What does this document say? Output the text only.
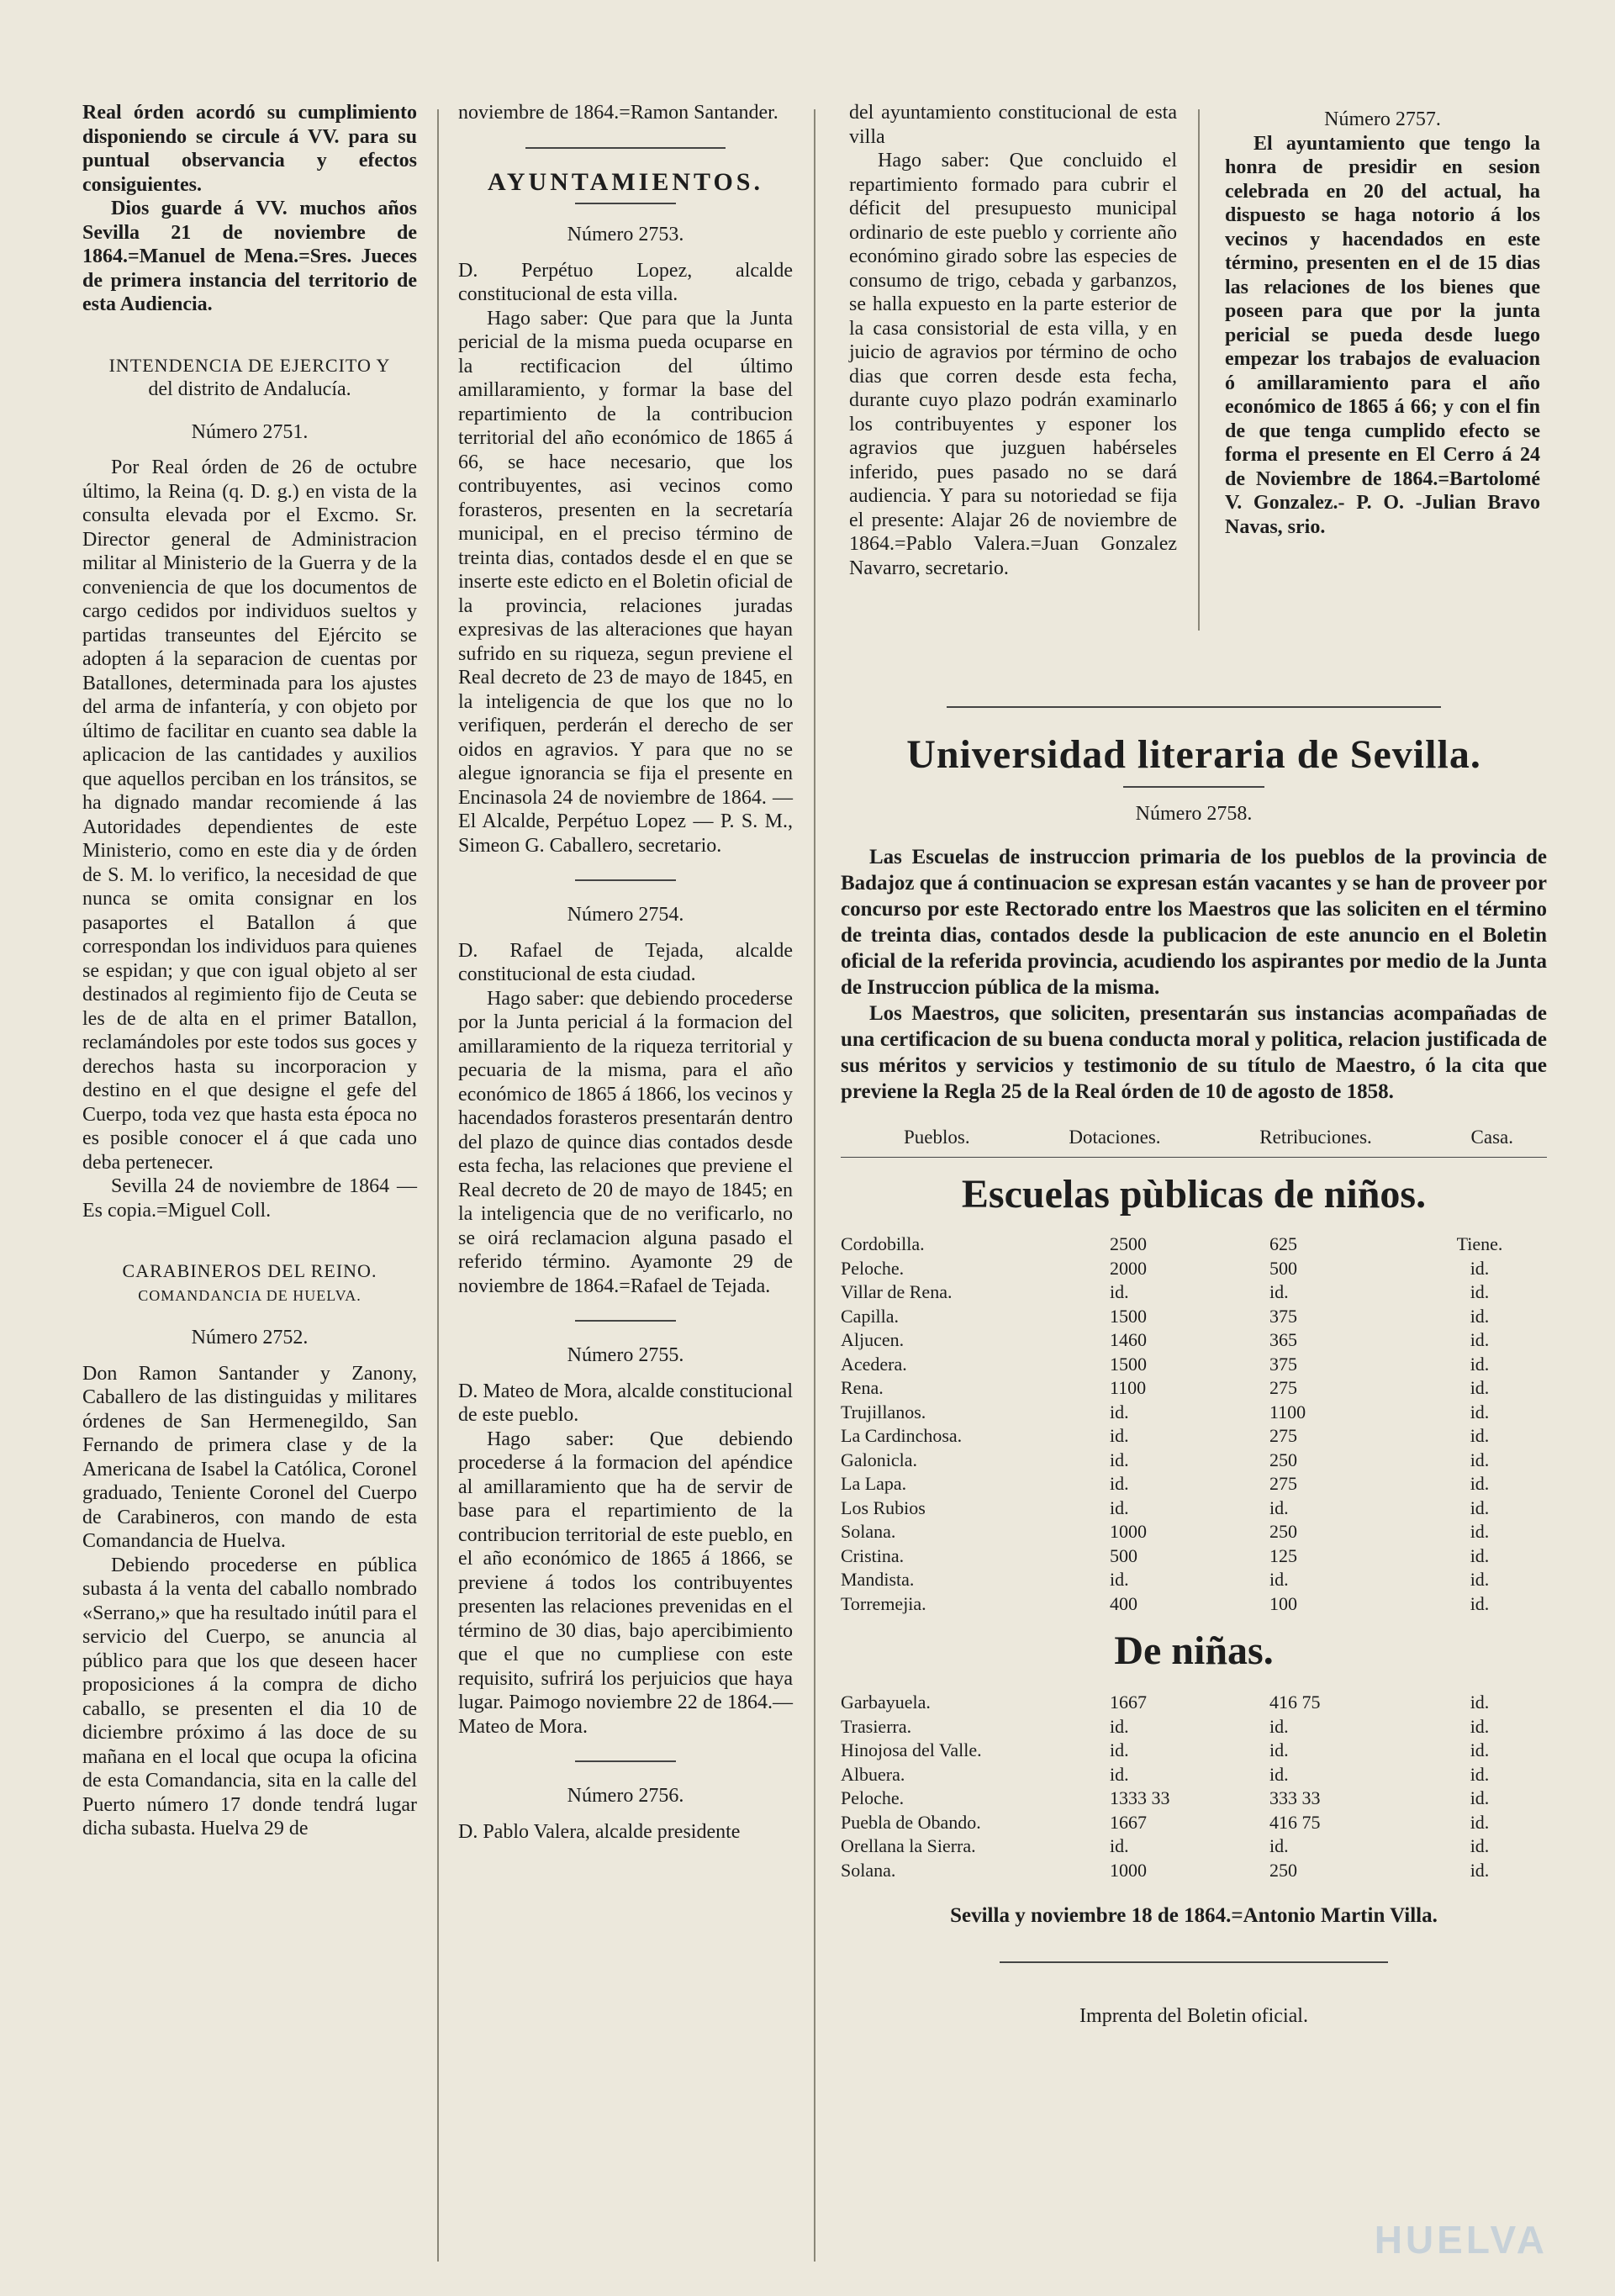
Real órden acordó su cumplimiento disponiendo se circule á VV. para su puntual observancia y efectos consiguientes.

Dios guarde á VV. muchos años Sevilla 21 de noviembre de 1864.=Manuel de Mena.=Sres. Jueces de primera instancia del territorio de esta Audiencia.

INTENDENCIA DE EJERCITO Y

del distrito de Andalucía.

Número 2751.

Por Real órden de 26 de octubre último, la Reina (q. D. g.) en vista de la consulta elevada por el Excmo. Sr. Director general de Administracion militar al Ministerio de la Guerra y de la conveniencia de que los documentos de cargo cedidos por individuos sueltos y partidas transeuntes del Ejército se adopten á la separacion de cuentas por Batallones, determinada para los ajustes del arma de infantería, y con objeto por último de facilitar en cuanto sea dable la aplicacion de las cantidades y auxilios que aquellos perciban en los tránsitos, se ha dignado mandar recomiende á las Autoridades dependientes de este Ministerio, como en este dia y de órden de S. M. lo verifico, la necesidad de que nunca se omita consignar en los pasaportes el Batallon á que correspondan los individuos para quienes se espidan; y que con igual objeto al ser destinados al regimiento fijo de Ceuta se les de de alta en el primer Batallon, reclamándoles por este todos sus goces y derechos hasta su incorporacion y destino en el que designe el gefe del Cuerpo, toda vez que hasta esta época no es posible conocer el á que cada uno deba pertenecer.

Sevilla 24 de noviembre de 1864 —Es copia.=Miguel Coll.

CARABINEROS DEL REINO.

COMANDANCIA DE HUELVA.

Número 2752.

Don Ramon Santander y Zanony, Caballero de las distinguidas y militares órdenes de San Hermenegildo, San Fernando de primera clase y de la Americana de Isabel la Católica, Coronel graduado, Teniente Coronel del Cuerpo de Carabineros, con mando de esta Comandancia de Huelva.

Debiendo procederse en pública subasta á la venta del caballo nombrado «Serrano,» que ha resultado inútil para el servicio del Cuerpo, se anuncia al público para que los que deseen hacer proposiciones á la compra de dicho caballo, se presenten el dia 10 de diciembre próximo á las doce de su mañana en el local que ocupa la oficina de esta Comandancia, sita en la calle del Puerto número 17 donde tendrá lugar dicha subasta. Huelva 29 de

noviembre de 1864.=Ramon Santander.

AYUNTAMIENTOS.

Número 2753.

D. Perpétuo Lopez, alcalde constitucional de esta villa.

Hago saber: Que para que la Junta pericial de la misma pueda ocuparse en la rectificacion del último amillaramiento, y formar la base del repartimiento de la contribucion territorial del año económico de 1865 á 66, se hace necesario, que los contribuyentes, asi vecinos como forasteros, presenten en la secretaría municipal, en el preciso término de treinta dias, contados desde el en que se inserte este edicto en el Boletin oficial de la provincia, relaciones juradas expresivas de las alteraciones que hayan sufrido en su riqueza, segun previene el Real decreto de 23 de mayo de 1845, en la inteligencia de que los que no lo verifiquen, perderán el derecho de ser oidos en agravios. Y para que no se alegue ignorancia se fija el presente en Encinasola 24 de noviembre de 1864. —El Alcalde, Perpétuo Lopez — P. S. M., Simeon G. Caballero, secretario.

Número 2754.

D. Rafael de Tejada, alcalde constitucional de esta ciudad.

Hago saber: que debiendo procederse por la Junta pericial á la formacion del amillaramiento de la riqueza territorial y pecuaria de la misma, para el año económico de 1865 á 1866, los vecinos y hacendados forasteros presentarán dentro del plazo de quince dias contados desde esta fecha, las relaciones que previene el Real decreto de 20 de mayo de 1845; en la inteligencia que de no verificarlo, no se oirá reclamacion alguna pasado el referido término. Ayamonte 29 de noviembre de 1864.=Rafael de Tejada.

Número 2755.

D. Mateo de Mora, alcalde constitucional de este pueblo.

Hago saber: Que debiendo procederse á la formacion del apéndice al amillaramiento que ha de servir de base para el repartimiento de la contribucion territorial de este pueblo, en el año económico de 1865 á 1866, se previene á todos los contribuyentes presenten las relaciones prevenidas en el término de 30 dias, bajo apercibimiento que el que no cumpliese con este requisito, sufrirá los perjuicios que haya lugar. Paimogo noviembre 22 de 1864.—Mateo de Mora.

Número 2756.

D. Pablo Valera, alcalde presidente

del ayuntamiento constitucional de esta villa

Hago saber: Que concluido el repartimiento formado para cubrir el déficit del presupuesto municipal ordinario de este pueblo y corriente año económino girado sobre las especies de consumo de trigo, cebada y garbanzos, se halla expuesto en la parte esterior de la casa consistorial de esta villa, y en juicio de agravios por término de ocho dias que corren desde esta fecha, durante cuyo plazo podrán examinarlo los contribuyentes y esponer los agravios que juzguen habérseles inferido, pues pasado no se dará audiencia. Y para su notoriedad se fija el presente: Alajar 26 de noviembre de 1864.=Pablo Valera.=Juan Gonzalez Navarro, secretario.

Número 2757.

El ayuntamiento que tengo la honra de presidir en sesion celebrada en 20 del actual, ha dispuesto se haga notorio á los vecinos y hacendados en este término, presenten en el de 15 dias las relaciones de los bienes que poseen para que por la junta pericial se pueda desde luego empezar los trabajos de evaluacion ó amillaramiento para el año económico de 1865 á 66; y con el fin de que tenga cumplido efecto se forma el presente en El Cerro á 24 de Noviembre de 1864.=Bartolomé V. Gonzalez.- P. O. -Julian Bravo Navas, srio.

Universidad literaria de Sevilla.

Número 2758.

Las Escuelas de instruccion primaria de los pueblos de la provincia de Badajoz que á continuacion se expresan están vacantes y se han de proveer por concurso por este Rectorado entre los Maestros que las soliciten en el término de treinta dias, contados desde la publicacion de este anuncio en el Boletin oficial de la referida provincia, acudiendo los aspirantes por medio de la Junta de Instruccion pública de la misma.

Los Maestros, que soliciten, presentarán sus instancias acompañadas de una certificacion de su buena conducta moral y politica, relacion justificada de sus méritos y servicios y testimonio de su título de Maestro, ó la cita que previene la Regla 25 de la Real órden de 10 de agosto de 1858.

Pueblos.	Dotaciones.	Retribuciones.	Casa.

Escuelas pùblicas de niños.

Cordobilla.	2500	625	Tiene.
Peloche.	2000	500	id.
Villar de Rena.	id.	id.	id.
Capilla.	1500	375	id.
Aljucen.	1460	365	id.
Acedera.	1500	375	id.
Rena.	1100	275	id.
Trujillanos.	id.	1100	id.
La Cardinchosa.	id.	275	id.
Galonicla.	id.	250	id.
La Lapa.	id.	275	id.
Los Rubios	id.	id.	id.
Solana.	1000	250	id.
Cristina.	500	125	id.
Mandista.	id.	id.	id.
Torremejia.	400	100	id.

De niñas.

Garbayuela.	1667	416 75	id.
Trasierra.	id.	id.	id.
Hinojosa del Valle.	id.	id.	id.
Albuera.	id.	id.	id.
Peloche.	1333 33	333 33	id.
Puebla de Obando.	1667	416 75	id.
Orellana la Sierra.	id.	id.	id.
Solana.	1000	250	id.

Sevilla y noviembre 18 de 1864.=Antonio Martin Villa.

Imprenta del Boletin oficial.

HUELVA
